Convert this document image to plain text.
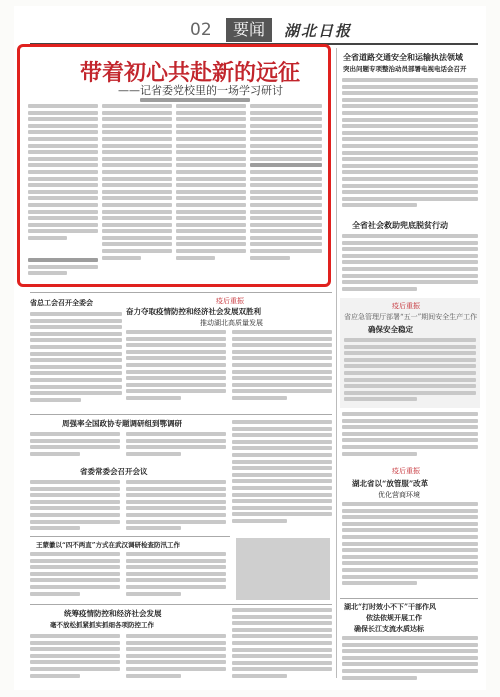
02	要闻	湖北日报
带着初心共赴新的远征
——记省委党校里的一场学习研讨
全省道路交通安全和运输执法领域
突出问题专项整治动员部署电视电话会召开
全省社会救助兜底脱贫行动
疫后重振
省应急管理厅部署“五一”期间安全生产工作
确保安全稳定
省总工会召开全委会	疫后重振
奋力夺取疫情防控和经济社会发展双胜利
推动湖北高质量发展
周强率全国政协专题调研组到鄂调研
省委常委会召开会议
王蒙徽以“四不两直”方式在武汉调研检查防汛工作
统筹疫情防控和经济社会发展
毫不放松抓紧抓实抓细各项防控工作
疫后重振
湖北省以“放管服”改革
优化营商环境
湖北“打时效小不下”干部作风
依法依规开展工作
确保长江支流水质达标
